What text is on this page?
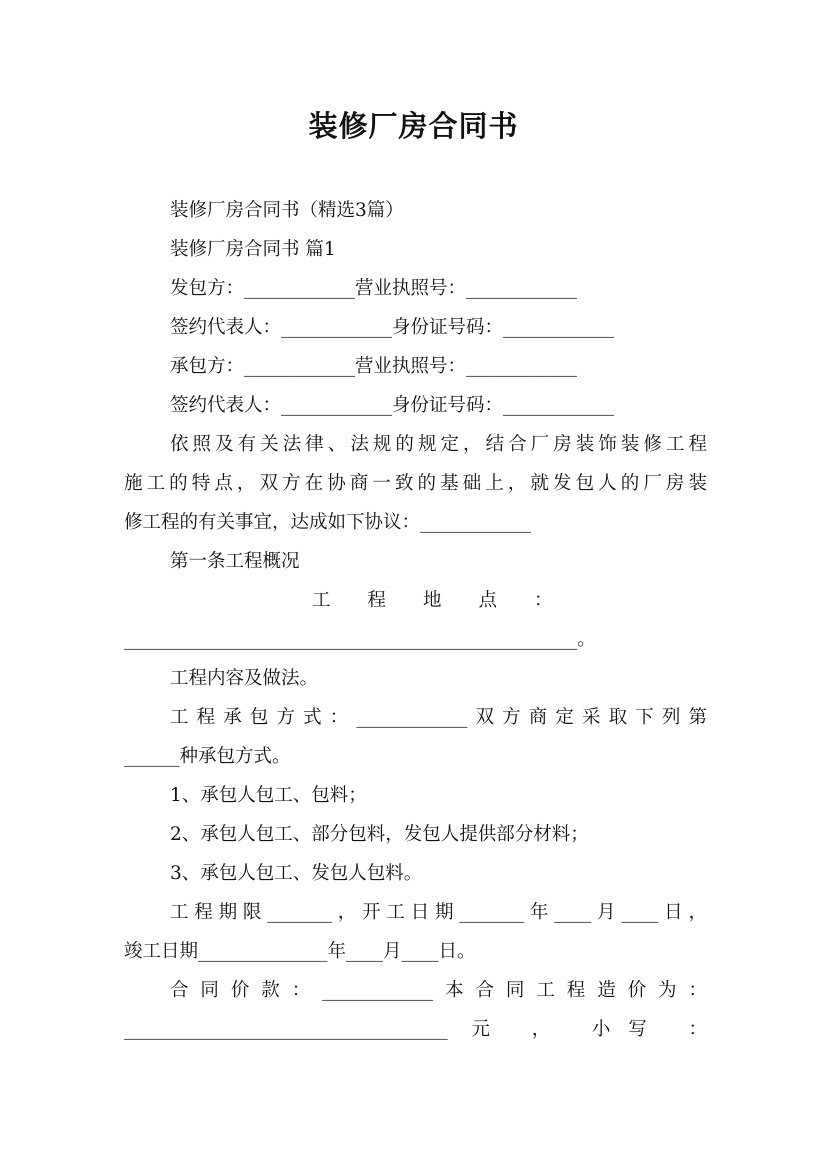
装修厂房合同书
装修厂房合同书（精选3篇）
装修厂房合同书 篇1
发包方：____________营业执照号：____________
签约代表人：____________身份证号码：____________
承包方：____________营业执照号：____________
签约代表人：____________身份证号码：____________
依照及有关法律、法规的规定，结合厂房装饰装修工程
施工的特点，双方在协商一致的基础上，就发包人的厂房装
修工程的有关事宜，达成如下协议：____________
第一条工程概况
工　　程　　地　　点　　：
_________________________________________________。
工程内容及做法。
工程承包方式：____________双方商定采取下列第
______种承包方式。
1、承包人包工、包料；
2、承包人包工、部分包料，发包人提供部分材料；
3、承包人包工、发包人包料。
工程期限_______，开工日期_______年____月____日，
竣工日期______________年____月____日。
合同价款：____________本合同工程造价为：
___________________________________ 元 ， 小写 ：
